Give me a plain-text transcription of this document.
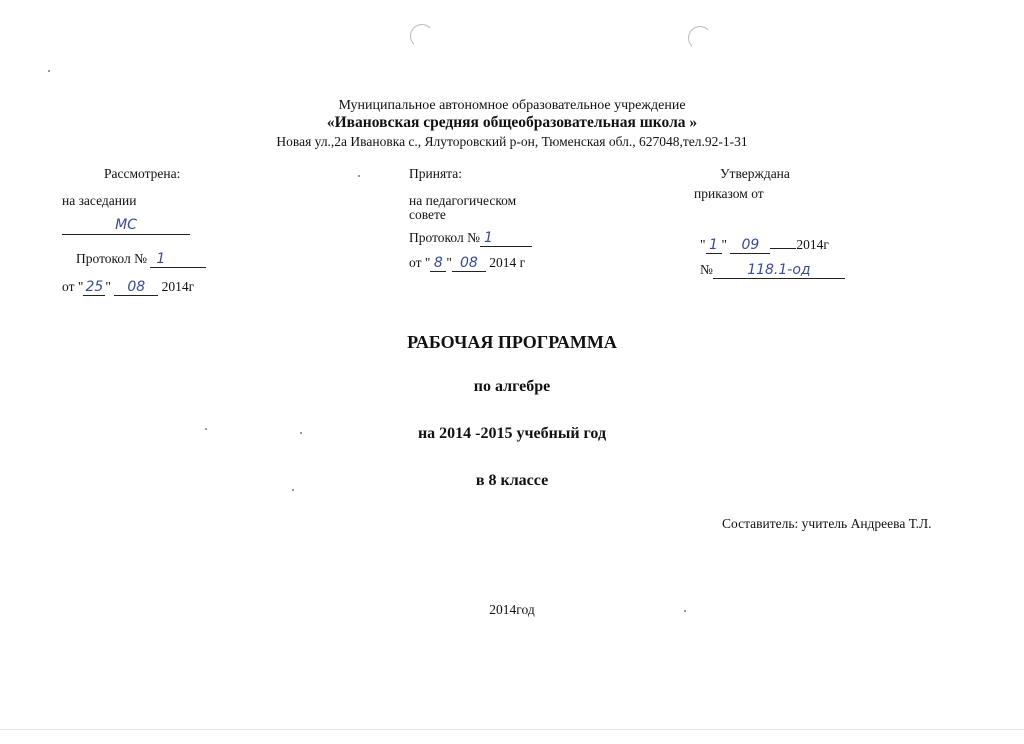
Муниципальное автономное образовательное учреждение
«Ивановская средняя общеобразовательная школа »
Новая ул.,2а Ивановка с., Ялуторовский р-он, Тюменская обл., 627048,тел.92-1-31
Рассмотрена:
на заседании
МС
Протокол № 1
от " 25 " 08 2014г
Принята:
на педагогическом
совете
Протокол № 1
от " 8 " 08 2014 г
Утверждана
приказом от
" 1 " 09	2014г
№ 118.1-од
РАБОЧАЯ ПРОГРАММА
по алгебре
на 2014 -2015 учебный год
в 8 классе
Составитель: учитель Андреева Т.Л.
2014год
